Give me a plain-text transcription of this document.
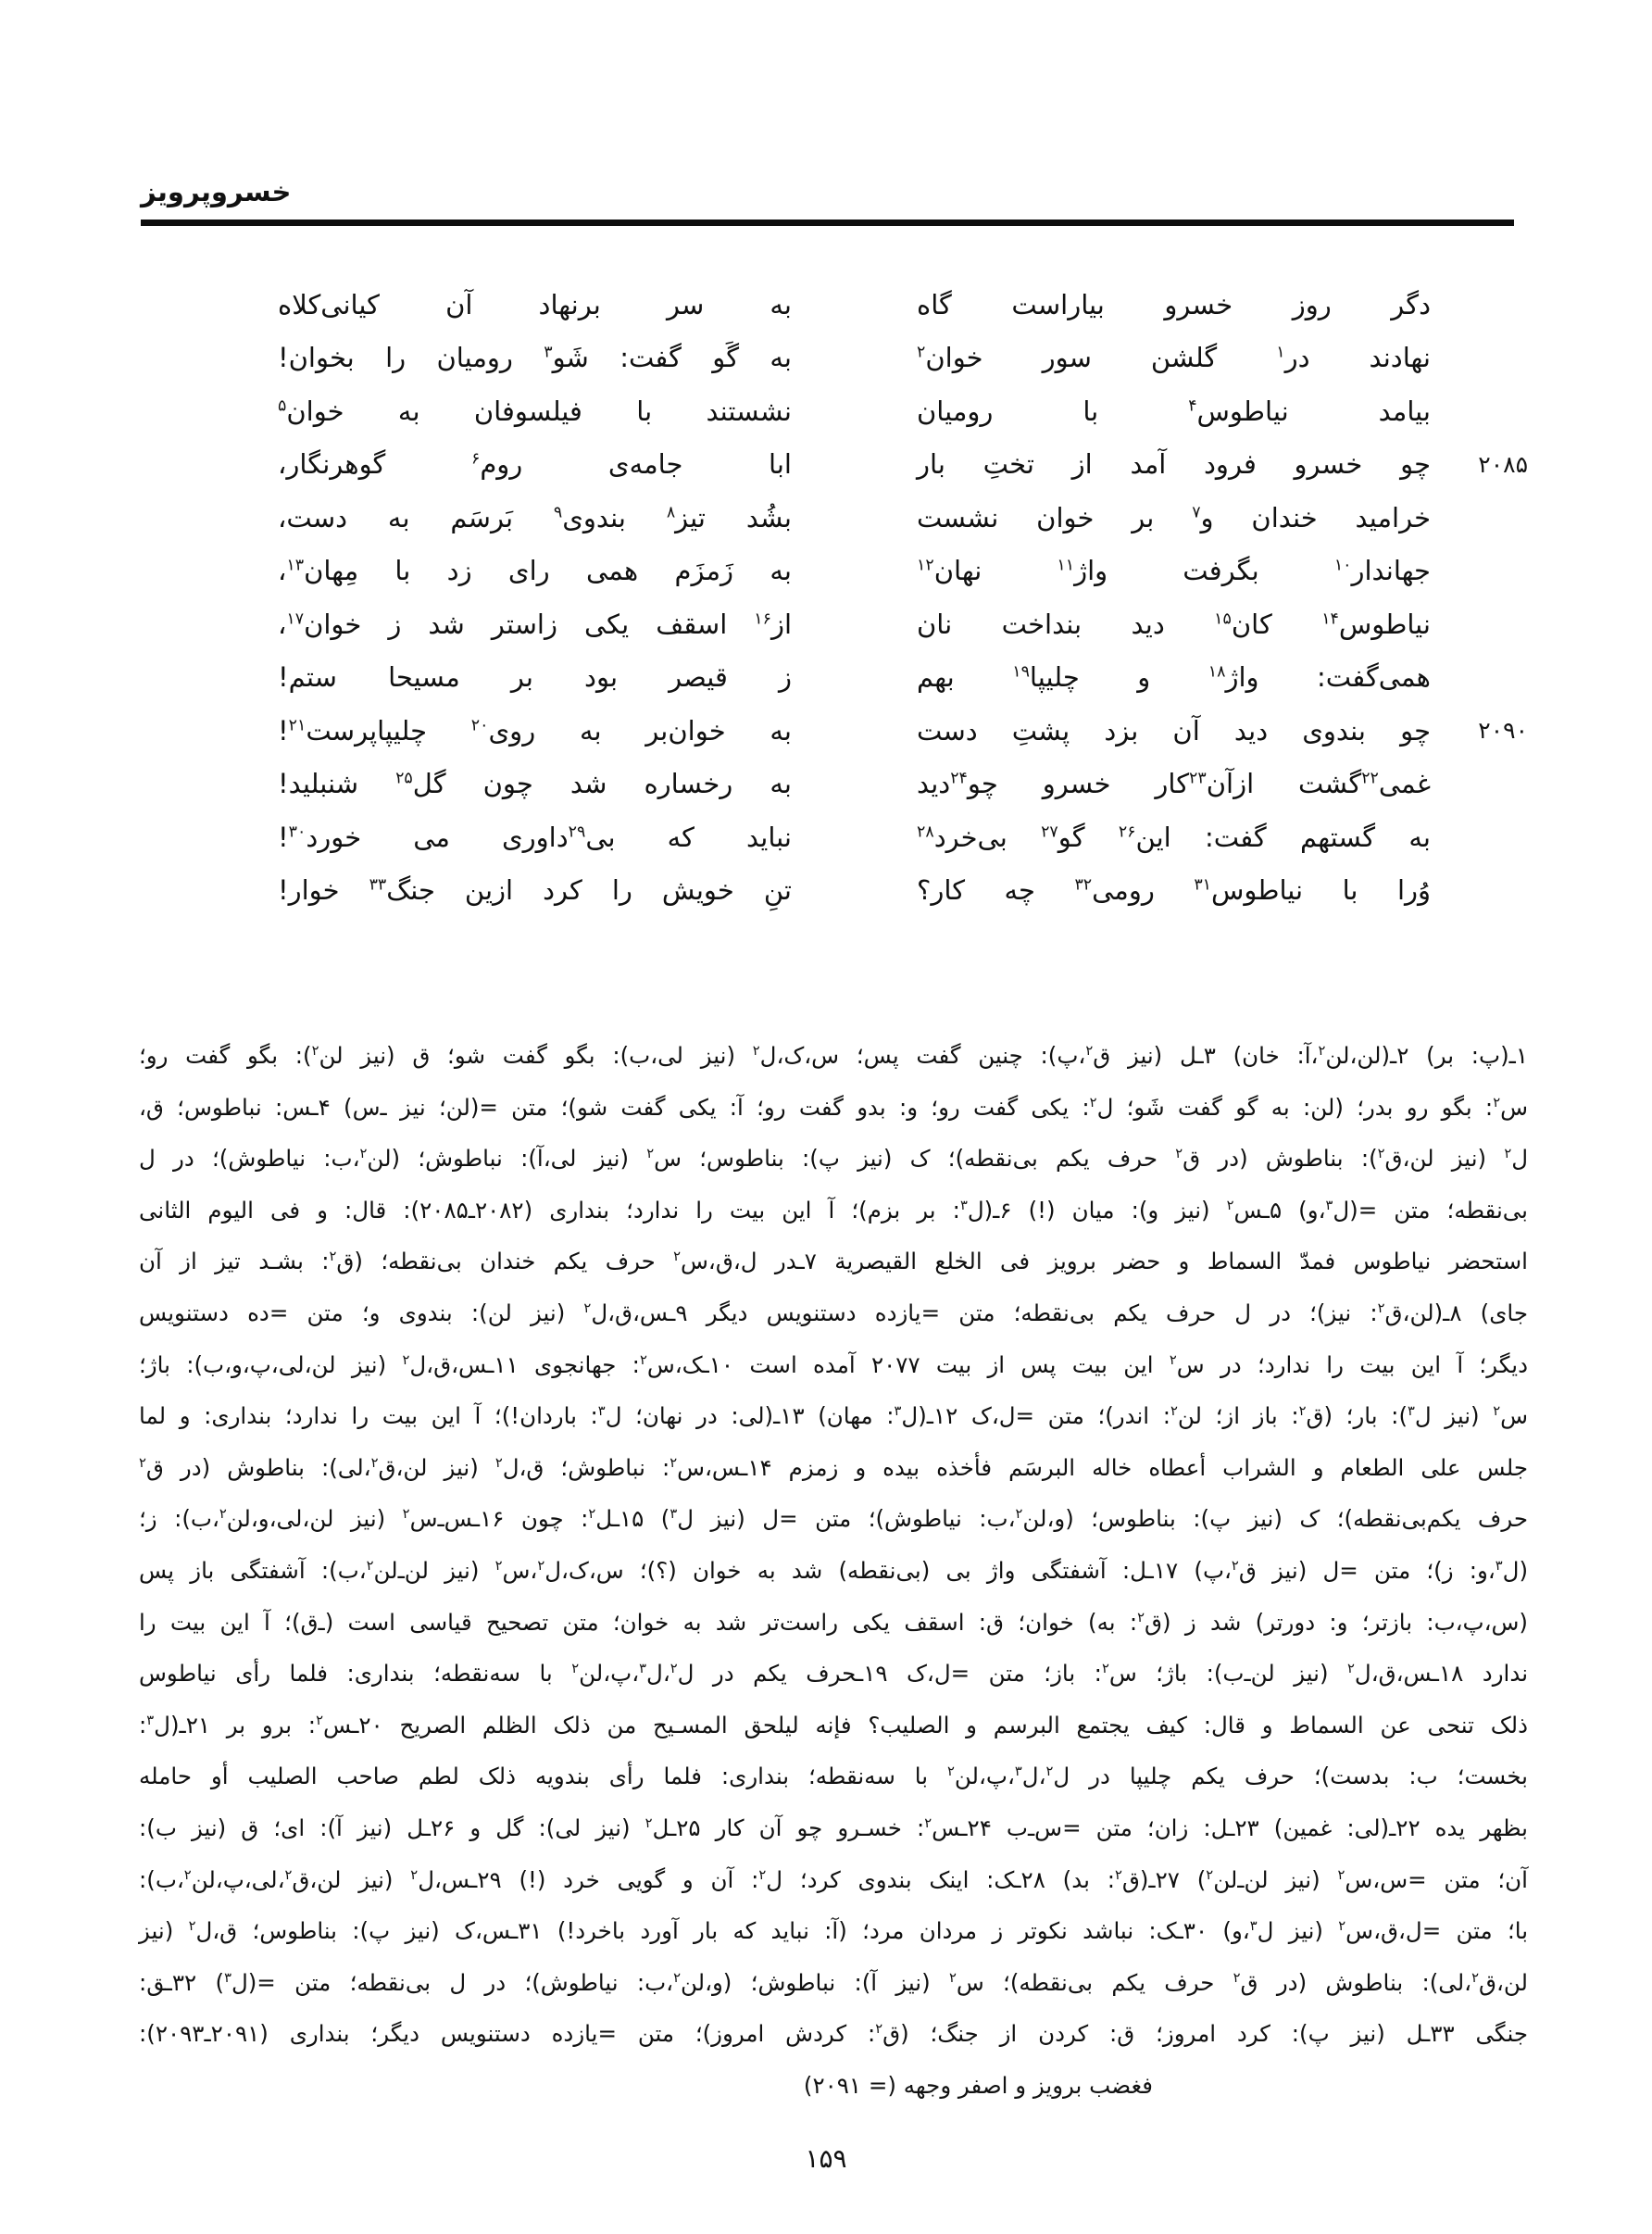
خسروپرویز
دگر روز خسرو بیاراست گاه
به سر برنهاد آن کیانی‌کلاه
نهادند در$^۱$ گلشن سور خوان$^۲$
به گَو گفت: شَو$^۳$ رومیان را بخوان!
بیامد نیاطوس$^۴$ با رومیان
نشستند با فیلسوفان به خوان$^۵$
۲۰۸۵
چو خسرو فرود آمد از تختِ بار
ابا جامه‌ی روم$^۶$ گوهرنگار،
خرامید خندان و$^۷$ بر خوان نشست
بشُد تیز$^۸$ بندوی$^۹$ بَرسَم به دست،
جهاندار$^{۱۰}$ بگرفت واژ$^{۱۱}$ نهان$^{۱۲}$
به زَمزَم همی رای زد با مِهان$^{۱۳}$،
نیاطوس$^{۱۴}$ کان$^{۱۵}$ دید بنداخت نان
از$^{۱۶}$ اسقف یکی زاستر شد ز خوان$^{۱۷}$،
همی‌گفت: واژ$^{۱۸}$ و چلیپا$^{۱۹}$ بهم
ز قیصر بود بر مسیحا ستم!
۲۰۹۰
چو بندوی دید آن بزد پشتِ دست
به خوان‌بر به روی$^{۲۰}$ چلیپاپرست$^{۲۱}$!
غمی$^{۲۲}$گشت ازآن$^{۲۳}$کار خسرو چو$^{۲۴}$دید
به رخساره شد چون گل$^{۲۵}$ شنبلید!
به گستهم گفت: این$^{۲۶}$ گو$^{۲۷}$ بی‌خرد$^{۲۸}$
نباید که بی$^{۲۹}$داوری می خورد$^{۳۰}$!
وُرا با نیاطوس$^{۳۱}$ رومی$^{۳۲}$ چه کار؟
تنِ خویش را کرد ازین جنگ$^{۳۳}$ خوار!
۱ـ(پ: بر) ۲ـ(لن،لن$^۲$،آ: خان) ۳ـل (نیز ق$^۲$،پ): چنین گفت پس؛ س،ک،ل$^۲$ (نیز لی،ب): بگو گفت شو؛ ق (نیز لن$^۲$): بگو گفت رو؛
س$^۲$: بگو رو بدر؛ (لن: به گو گفت شَو؛ ل$^۲$: یکی گفت رو؛ و: بدو گفت رو؛ آ: یکی گفت شو)؛ متن =(لن؛ نیز ـ‌س) ۴ـس: نباطوس؛ ق،
ل$^۲$ (نیز لن،ق$^۲$): بناطوش (در ق$^۲$ حرف یکم بی‌نقطه)؛ ک (نیز پ): بناطوس؛ س$^۲$ (نیز لی،آ): نباطوش؛ (لن$^۲$،ب: نیاطوش)؛ در ل
بی‌نقطه؛ متن =(ل$^۳$،و) ۵ـس$^۲$ (نیز و): میان (!) ۶ـ(ل$^۳$: بر بزم)؛ آ این بیت را ندارد؛ بنداری (۲۰۸۲ـ۲۰۸۵): قال: و فی الیوم الثانی
استحضر نیاطوس فمدّ السماط و حضر برویز فی الخلع القیصریة ۷ـدر ل،ق،س$^۲$ حرف یکم خندان بی‌نقطه؛ (ق$^۲$: بشـد تیز از آن
جای) ۸ـ(لن،ق$^۲$: نیز)؛ در ل حرف یکم بی‌نقطه؛ متن =یازده دستنویس دیگر ۹ـس،ق،ل$^۲$ (نیز لن): بندوی و؛ متن =ده دستنویس
دیگر؛ آ این بیت را ندارد؛ در س$^۲$ این بیت پس از بیت ۲۰۷۷ آمده است ۱۰ـک،س$^۲$: جهانجوی ۱۱ـس،ق،ل$^۲$ (نیز لن،لی،پ،و،ب): باژ؛
س$^۲$ (نیز ل$^۳$): بار؛ (ق$^۲$: باز از؛ لن$^۲$: اندر)؛ متن =ل،ک ۱۲ـ(ل$^۳$: مهان) ۱۳ـ(لی: در نهان؛ ل$^۳$: باردان!)؛ آ این بیت را ندارد؛ بنداری: و لما
جلس علی الطعام و الشراب أعطاه خاله البرسَم فأخذه بیده و زمزم ۱۴ـس،س$^۲$: نباطوش؛ ق،ل$^۲$ (نیز لن،ق$^۲$،لی): بناطوش (در ق$^۲$
حرف یکم‌بی‌نقطه)؛ ک (نیز پ): بناطوس؛ (و،لن$^۲$،ب: نیاطوش)؛ متن =ل (نیز ل$^۳$) ۱۵ـل$^۲$: چون ۱۶ـس‌ـ‌س$^۲$ (نیز لن،لی،و،لن$^۲$،ب): ز؛
(ل$^۳$،و: ز)؛ متن =ل (نیز ق$^۲$،پ) ۱۷ـل: آشفتگی واژ بی (بی‌نقطه) شد به خوان (؟)؛ س،ک،ل$^۲$،س$^۲$ (نیز لن‌ـ‌لن$^۲$،ب): آشفتگی باز پس
(س،پ،ب: بازتر؛ و: دورتر) شد ز (ق$^۲$: به) خوان؛ ق: اسقف یکی راست‌تر شد به خوان؛ متن تصحیح قیاسی است (ـ‌ق)؛ آ این بیت را
ندارد ۱۸ـس،ق،ل$^۲$ (نیز لن‌ـ‌ب): باژ؛ س$^۲$: باز؛ متن =ل،ک ۱۹ـحرف یکم در ل$^۲$،ل$^۳$،پ،لن$^۲$ با سه‌نقطه؛ بنداری: فلما رأی نیاطوس
ذلک تنحی عن السماط و قال: کیف یجتمع البرسم و الصلیب؟ فإنه لیلحق المسـیح من ذلک الظلم الصریح ۲۰ـس$^۲$: برو بر ۲۱ـ(ل$^۳$:
بخست؛ ب: بدست)؛ حرف یکم چلیپا در ل$^۲$،ل$^۳$،پ،لن$^۲$ با سه‌نقطه؛ بنداری: فلما رأی بندویه ذلک لطم صاحب الصلیب أو حامله
بظهر یده ۲۲ـ(لی: غمین) ۲۳ـل: زان؛ متن =س‌ـ‌ب ۲۴ـس$^۲$: خسـرو چو آن کار ۲۵ـل$^۲$ (نیز لی): گل و ۲۶ـل (نیز آ): ای؛ ق (نیز ب):
آن؛ متن =س،س$^۲$ (نیز لن‌ـ‌لن$^۲$) ۲۷ـ(ق$^۲$: بد) ۲۸ـک: اینک بندوی کرد؛ ل$^۲$: آن و گویی خرد (!) ۲۹ـس،ل$^۲$ (نیز لن،ق$^۲$،لی،پ،لن$^۲$،ب):
با؛ متن =ل،ق،س$^۲$ (نیز ل$^۳$،و) ۳۰ـک: نباشد نکوتر ز مردان مرد؛ (آ: نباید که بار آورد باخرد!) ۳۱ـس،ک (نیز پ): بناطوس؛ ق،ل$^۲$ (نیز
لن،ق$^۲$،لی): بناطوش (در ق$^۲$ حرف یکم بی‌نقطه)؛ س$^۲$ (نیز آ): نباطوش؛ (و،لن$^۲$،ب: نیاطوش)؛ در ل بی‌نقطه؛ متن =(ل$^۳$) ۳۲ـق:
جنگی ۳۳ـل (نیز پ): کرد امروز؛ ق: کردن از جنگ؛ (ق$^۲$: کردش امروز)؛ متن =یازده دستنویس دیگر؛ بنداری (۲۰۹۱ـ۲۰۹۳):
فغضب برویز و اصفر وجهه (= ۲۰۹۱)
۱۵۹
